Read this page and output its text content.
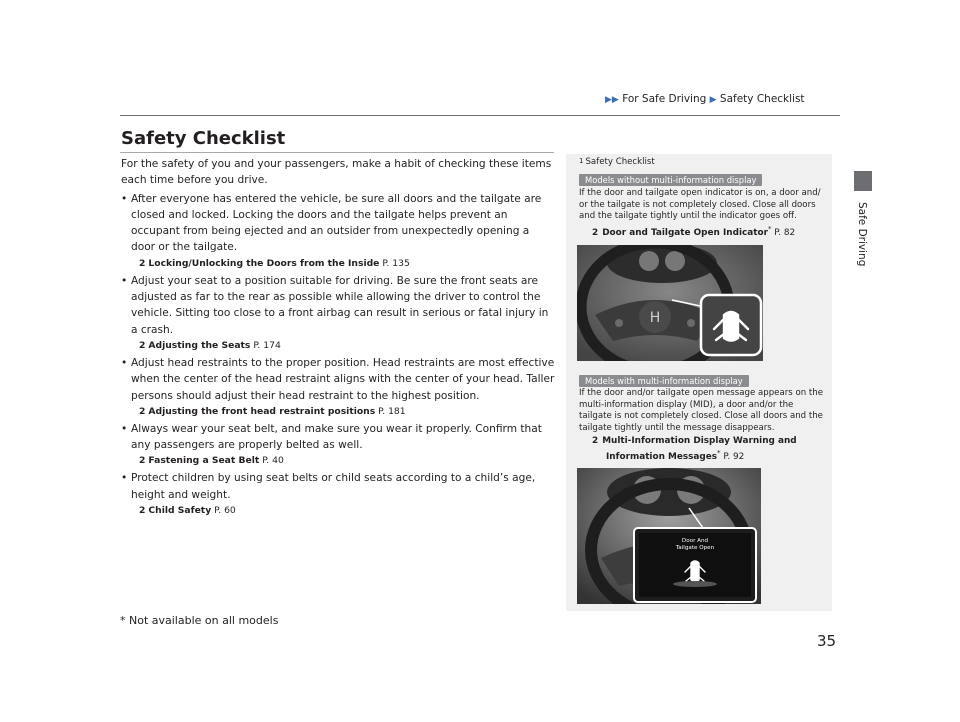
▶▶ For Safe Driving ▶ Safety Checklist
Safe Driving
Safety Checklist

For the safety of you and your passengers, make a habit of checking these items each time before you drive.

• After everyone has entered the vehicle, be sure all doors and the tailgate are closed and locked. Locking the doors and the tailgate helps prevent an occupant from being ejected and an outsider from unexpectedly opening a door or the tailgate.
2 Locking/Unlocking the Doors from the Inside P. 135
• Adjust your seat to a position suitable for driving. Be sure the front seats are adjusted as far to the rear as possible while allowing the driver to control the vehicle. Sitting too close to a front airbag can result in serious or fatal injury in a crash.
2 Adjusting the Seats P. 174
• Adjust head restraints to the proper position. Head restraints are most effective when the center of the head restraint aligns with the center of your head. Taller persons should adjust their head restraint to the highest position.
2 Adjusting the front head restraint positions P. 181
• Always wear your seat belt, and make sure you wear it properly. Confirm that any passengers are properly belted as well.
2 Fastening a Seat Belt P. 40
• Protect children by using seat belts or child seats according to a child’s age, height and weight.
2 Child Safety P. 60
$^1$ Safety Checklist
Models without multi-information display
If the door and tailgate open indicator is on, a door and/ or the tailgate is not completely closed. Close all doors and the tailgate tightly until the indicator goes off.
2 Door and Tailgate Open Indicator* P. 82
H
Models with multi-information display
If the door and/or tailgate open message appears on the multi-information display (MID), a door and/or the tailgate is not completely closed. Close all doors and the tailgate tightly until the message disappears.
2 Multi-Information Display Warning and
Information Messages* P. 92
Door And
Tailgate Open
* Not available on all models
35
